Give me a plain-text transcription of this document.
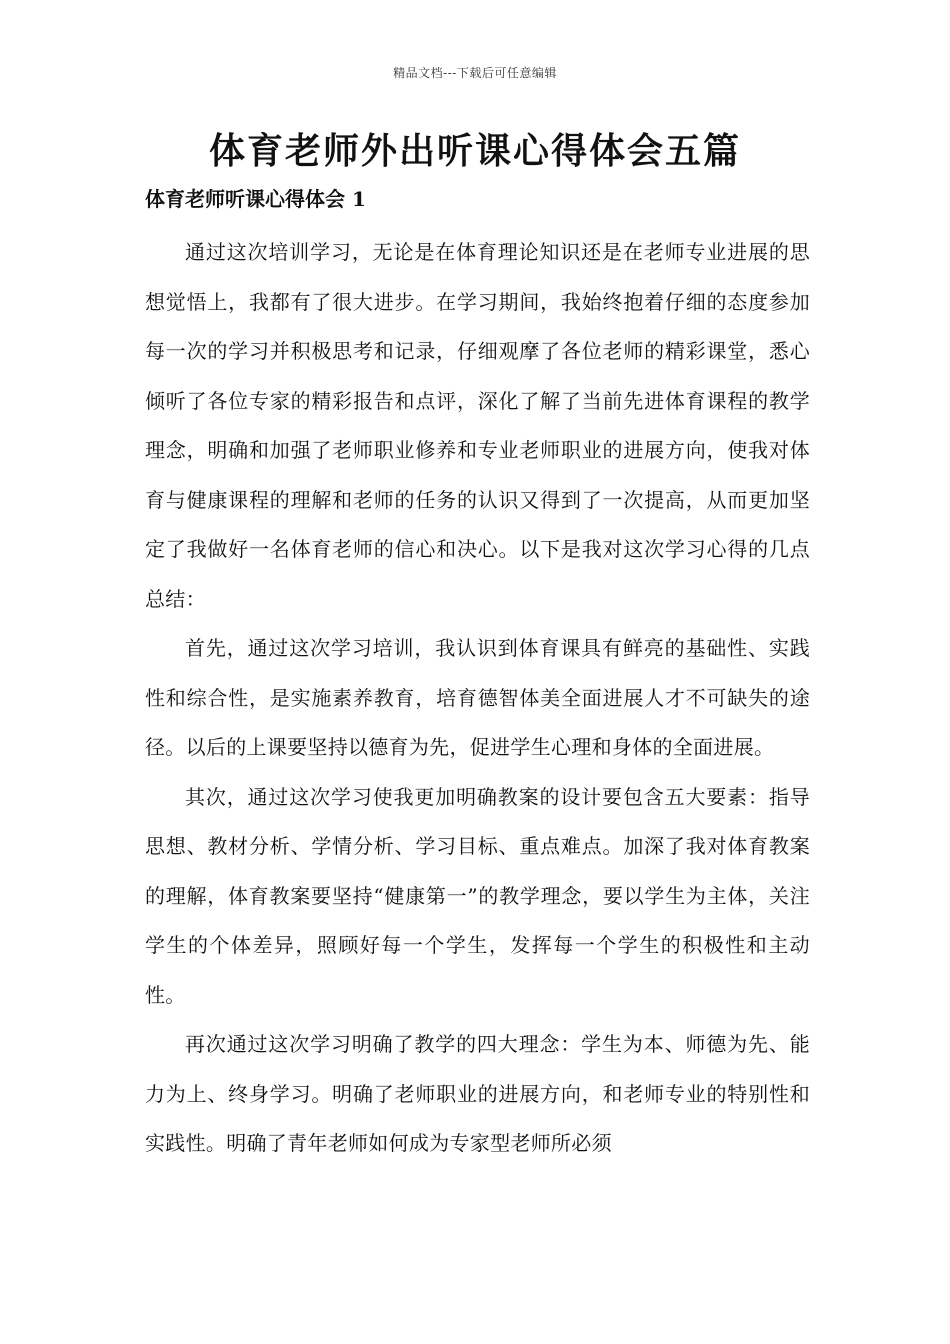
精品文档---下载后可任意编辑
体育老师外出听课心得体会五篇
体育老师听课心得体会 1

通过这次培训学习，无论是在体育理论知识还是在老师专业进展的思想觉悟上，我都有了很大进步。在学习期间，我始终抱着仔细的态度参加每一次的学习并积极思考和记录，仔细观摩了各位老师的精彩课堂，悉心倾听了各位专家的精彩报告和点评，深化了解了当前先进体育课程的教学理念，明确和加强了老师职业修养和专业老师职业的进展方向，使我对体育与健康课程的理解和老师的任务的认识又得到了一次提高，从而更加坚定了我做好一名体育老师的信心和决心。以下是我对这次学习心得的几点总结：

首先，通过这次学习培训，我认识到体育课具有鲜亮的基础性、实践性和综合性，是实施素养教育，培育德智体美全面进展人才不可缺失的途径。以后的上课要坚持以德育为先，促进学生心理和身体的全面进展。

其次，通过这次学习使我更加明确教案的设计要包含五大要素：指导思想、教材分析、学情分析、学习目标、重点难点。加深了我对体育教案的理解，体育教案要坚持“健康第一”的教学理念，要以学生为主体，关注学生的个体差异，照顾好每一个学生，发挥每一个学生的积极性和主动性。

再次通过这次学习明确了教学的四大理念：学生为本、师德为先、能力为上、终身学习。明确了老师职业的进展方向，和老师专业的特别性和实践性。明确了青年老师如何成为专家型老师所必须
